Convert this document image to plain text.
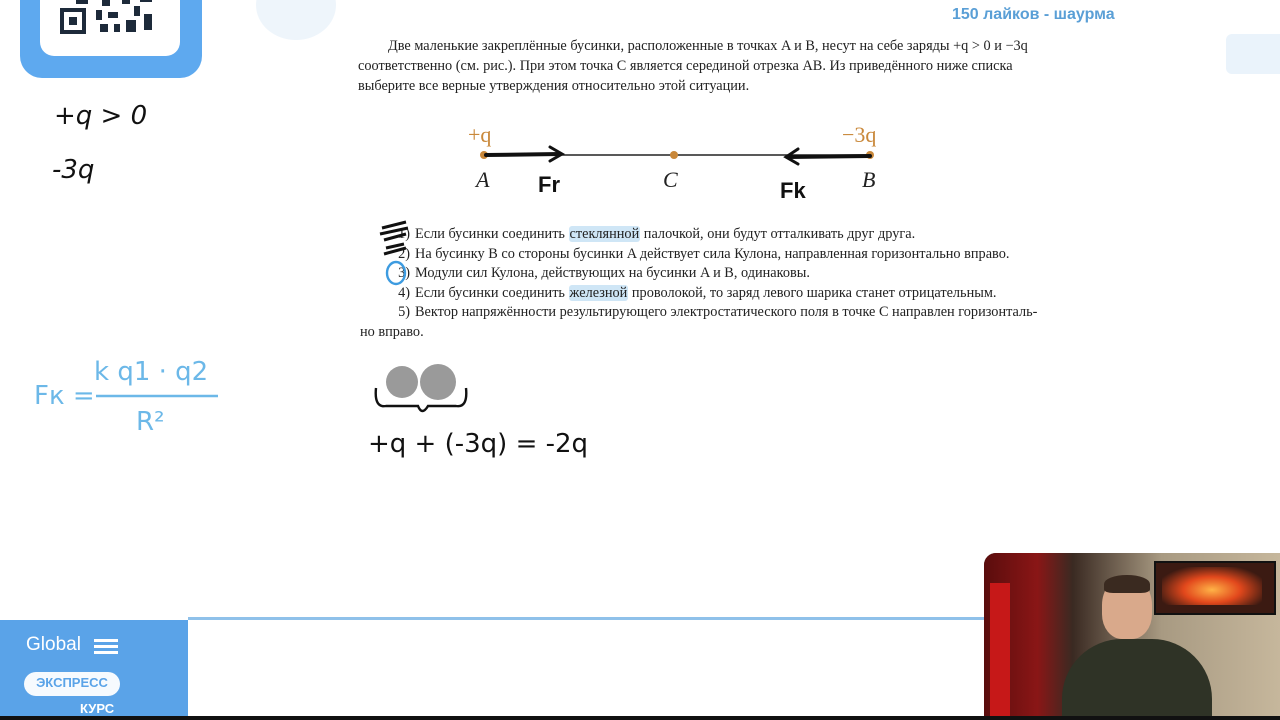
150 лайков - шаурма
Две маленькие закреплённые бусинки, расположенные в точках A и B, несут на себе заряды +q > 0 и −3q
соответственно (см. рис.). При этом точка C является серединой отрезка AB. Из приведённого ниже списка
выберите все верные утверждения относительно этой ситуации.
+q	−3q
A	C	B
Fr	Fk
1) Если бусинки соединить стеклянной палочкой, они будут отталкивать друг друга.
2) На бусинку B со стороны бусинки A действует сила Кулона, направленная горизонтально вправо.
3) Модули сил Кулона, действующих на бусинки A и B, одинаковы.
4) Если бусинки соединить железной проволокой, то заряд левого шарика станет отрицательным.
5) Вектор напряжённости результирующего электростатического поля в точке C направлен горизонталь-
но вправо.
+q > 0
-3q
Fк =
k q1 · q2
R²
+q + (-3q) = -2q
Global
ЭКСПРЕСС
КУРС
